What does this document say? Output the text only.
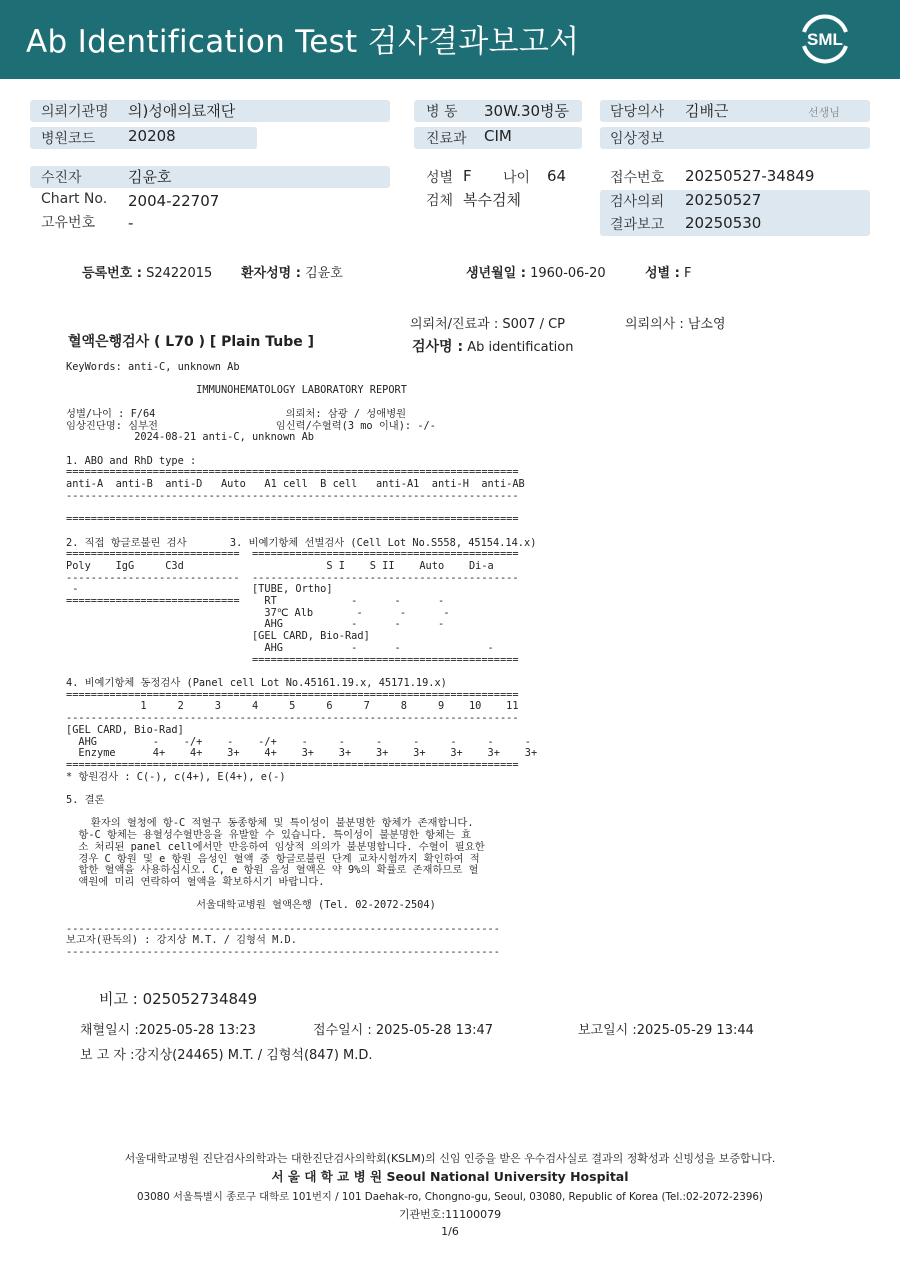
Ab Identification Test 검사결과보고서	SML
의뢰기관명 의)성애의료재단
병원코드 20208
병 동 30W.30병동
진료과 CIM
담당의사 김배근	선생님
임상정보
수진자	김윤호
Chart No. 2004-22707
고유번호 -
성별 F 나이 64
검체 복수검체
접수번호 20250527-34849
검사의뢰 20250527
결과보고 20250530
등록번호 : S2422015 환자성명 : 김윤호	생년월일 : 1960-06-20	성별 : F
의뢰처/진료과 : S007 / CP	의뢰의사 : 남소영
혈액은행검사 ( L70 ) [ Plain Tube ]	검사명 : Ab identification
KeyWords: anti-C, unknown Ab

IMMUNOHEMATOLOGY LABORATORY REPORT

성별/나이 : F/64                     의뢰처: 삼광 / 성애병원
임상진단명: 심부전                   임신력/수혈력(3 mo 이내): -/-
2024-08-21 anti-C, unknown Ab

1. ABO and RhD type :
=========================================================================
anti-A  anti-B  anti-D   Auto   A1 cell  B cell   anti-A1  anti-H  anti-AB
-------------------------------------------------------------------------

=========================================================================

2. 직접 항글로불린 검사       3. 비예기항체 선별검사 (Cell Lot No.S558, 45154.14.x)
============================  ===========================================
Poly    IgG     C3d                       S I    S II    Auto    Di-a
----------------------------  -------------------------------------------
-                            [TUBE, Ortho]
============================    RT            -      -      -
37℃ Alb       -      -      -
AHG           -      -      -
[GEL CARD, Bio-Rad]
AHG           -      -              -
===========================================

4. 비예기항체 동정검사 (Panel cell Lot No.45161.19.x, 45171.19.x)
=========================================================================
1     2     3     4     5     6     7     8     9    10    11
-------------------------------------------------------------------------
[GEL CARD, Bio-Rad]
AHG         -    -/+    -    -/+    -     -     -     -     -     -     -
Enzyme      4+    4+    3+    4+    3+    3+    3+    3+    3+    3+    3+
=========================================================================
* 항원검사 : C(-), c(4+), E(4+), e(-)

5. 결론

환자의 혈청에 항-C 적혈구 동종항체 및 특이성이 불분명한 항체가 존재합니다.
항-C 항체는 용혈성수혈반응을 유발할 수 있습니다. 특이성이 불분명한 항체는 효
소 처리된 panel cell에서만 반응하여 임상적 의의가 불분명합니다. 수혈이 필요한
경우 C 항원 및 e 항원 음성인 혈액 중 항글로불린 단계 교차시험까지 확인하여 적
합한 혈액을 사용하십시오. C, e 항원 음성 혈액은 약 9%의 확률로 존재하므로 혈
액원에 미리 연락하여 혈액을 확보하시기 바랍니다.

서울대학교병원 혈액은행 (Tel. 02-2072-2504)

----------------------------------------------------------------------
보고자(판독의) : 강지상 M.T. / 김형석 M.D.
----------------------------------------------------------------------
비고 : 025052734849
채혈일시 :2025-05-28 13:23	접수일시 : 2025-05-28 13:47	보고일시 :2025-05-29 13:44
보 고 자 :강지상(24465) M.T. / 김형석(847) M.D.
서울대학교병원 진단검사의학과는 대한진단검사의학회(KSLM)의 신임 인증을 받은 우수검사실로 결과의 정확성과 신빙성을 보증합니다.
서 울 대 학 교 병 원 Seoul National University Hospital
03080 서울특별시 종로구 대학로 101번지 / 101 Daehak-ro, Chongno-gu, Seoul, 03080, Republic of Korea (Tel.:02-2072-2396)
기관번호:11100079
1/6
